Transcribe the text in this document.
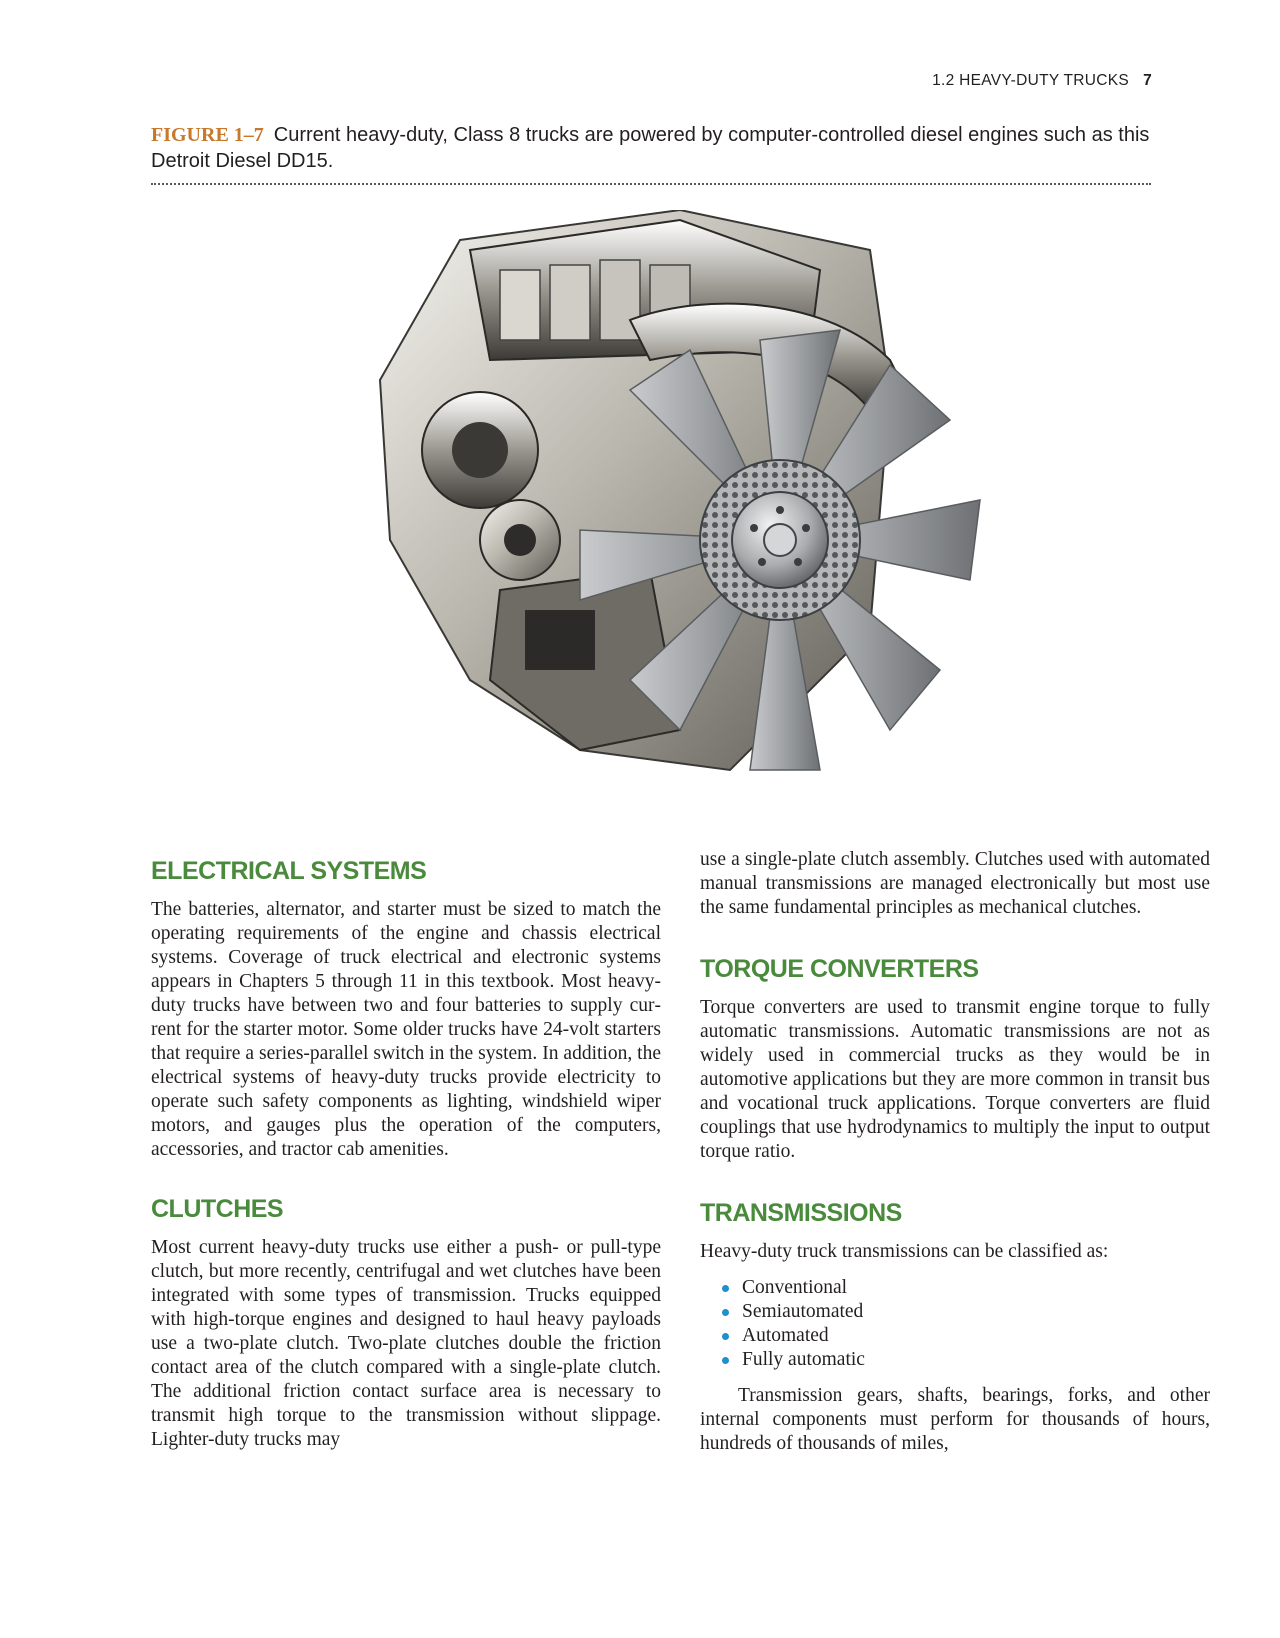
1.2 HEAVY-DUTY TRUCKS 7
FIGURE 1–7 Current heavy-duty, Class 8 trucks are powered by computer-controlled diesel engines such as this Detroit Diesel DD15.
ELECTRICAL SYSTEMS

The batteries, alternator, and starter must be sized to match the operating requirements of the engine and chassis electrical systems. Coverage of truck electrical and electronic systems appears in Chapters 5 through 11 in this textbook. Most heavy-duty trucks have between two and four batteries to supply current for the starter motor. Some older trucks have 24-volt starters that require a series-parallel switch in the system. In addition, the electrical systems of heavy-duty trucks provide electricity to operate such safety components as lighting, windshield wiper motors, and gauges plus the operation of the computers, accessories, and tractor cab amenities.

CLUTCHES

Most current heavy-duty trucks use either a push- or pull-type clutch, but more recently, centrifugal and wet clutches have been integrated with some types of transmission. Trucks equipped with high-torque engines and designed to haul heavy payloads use a two-plate clutch. Two-plate clutches double the friction contact area of the clutch compared with a single-plate clutch. The additional friction contact surface area is necessary to transmit high torque to the transmission without slippage. Lighter-duty trucks may

use a single-plate clutch assembly. Clutches used with automated manual transmissions are managed electronically but most use the same fundamental principles as mechanical clutches.

TORQUE CONVERTERS

Torque converters are used to transmit engine torque to fully automatic transmissions. Automatic transmissions are not as widely used in commercial trucks as they would be in automotive applications but they are more common in transit bus and vocational truck applications. Torque converters are fluid couplings that use hydrodynamics to multiply the input to output torque ratio.

TRANSMISSIONS

Heavy-duty truck transmissions can be classified as:

Conventional
Semiautomated
Automated
Fully automatic

Transmission gears, shafts, bearings, forks, and other internal components must perform for thousands of hours, hundreds of thousands of miles,
